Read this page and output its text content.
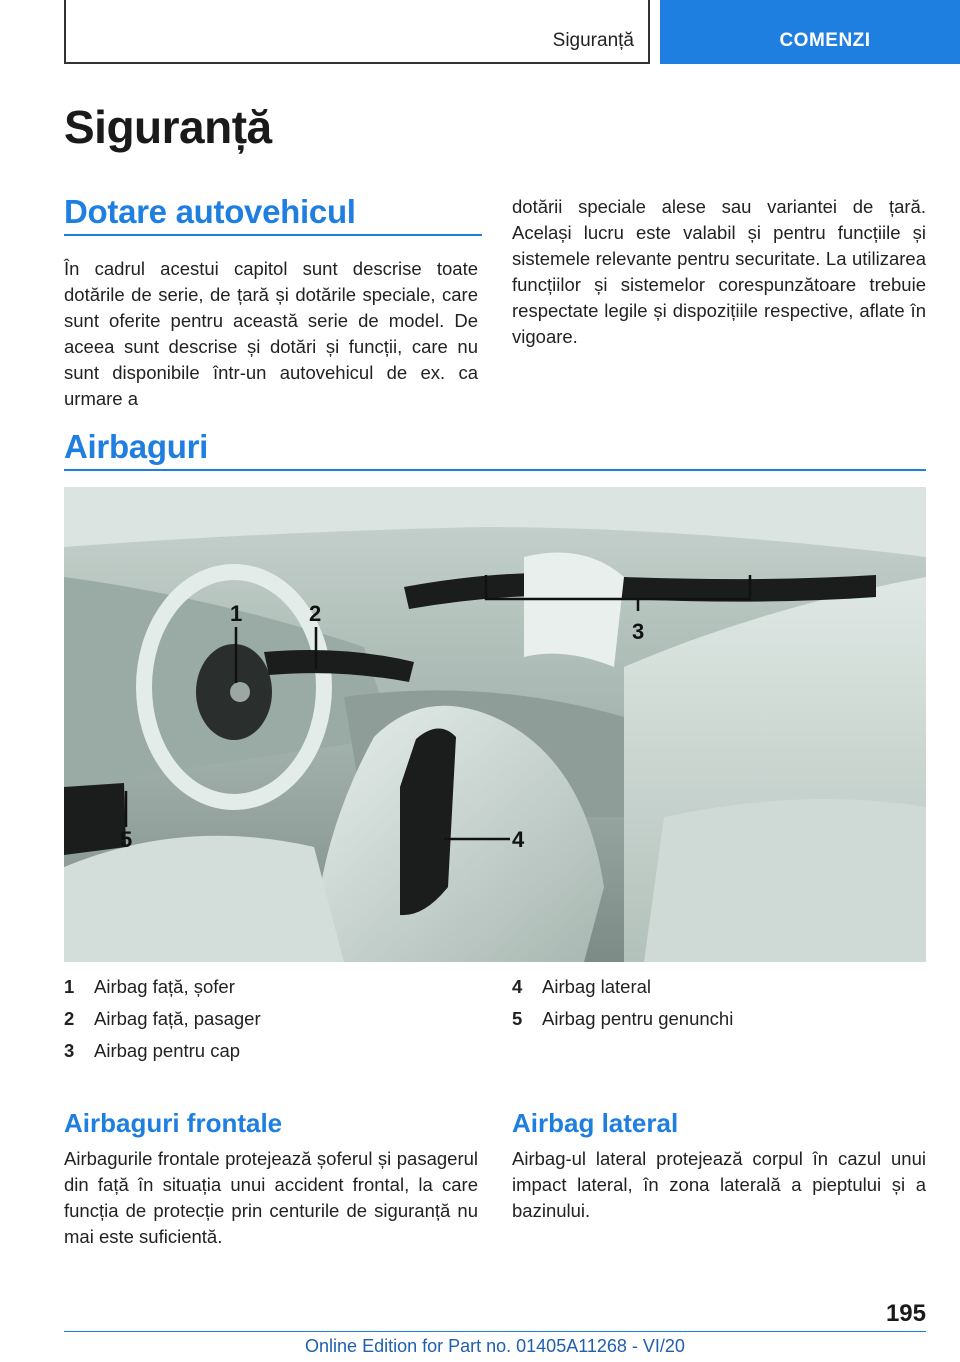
Siguranță	COMENZI
Siguranță
Dotare autovehicul

În cadrul acestui capitol sunt descrise toate dotările de serie, de țară și dotările speciale, care sunt oferite pentru această serie de model. De aceea sunt descrise și dotări și funcții, care nu sunt disponibile într-un autovehicul de ex. ca urmare a

dotării speciale alese sau variantei de țară. Același lucru este valabil și pentru funcțiile și sistemele relevante pentru securitate. La utilizarea funcțiilor și sistemelor corespunzătoare trebuie respectate legile și dispozițiile respective, aflate în vigoare.

Airbaguri
1	2
3
4
5
1	Airbag față, șofer
2	Airbag față, pasager
3	Airbag pentru cap
4	Airbag lateral
5	Airbag pentru genunchi
Airbaguri frontale

Airbagurile frontale protejează șoferul și pasagerul din față în situația unui accident frontal, la care funcția de protecție prin centurile de siguranță nu mai este suficientă.

Airbag lateral

Airbag-ul lateral protejează corpul în cazul unui impact lateral, în zona laterală a pieptului și a bazinului.

195
Online Edition for Part no. 01405A11268 - VI/20
